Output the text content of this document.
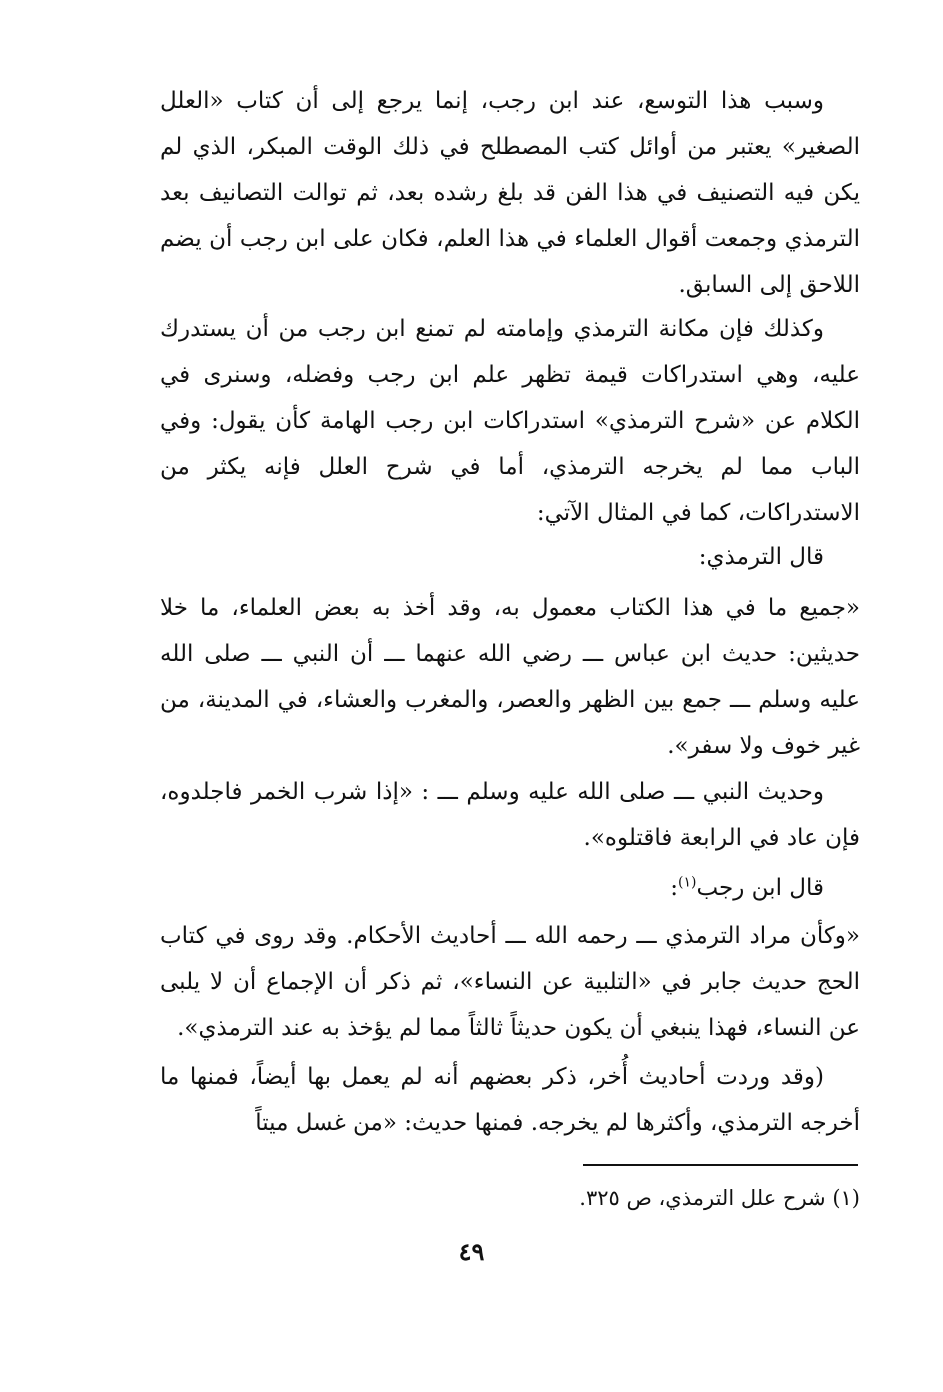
وسبب هذا التوسع، عند ابن رجب، إنما يرجع إلى أن كتاب «العلل الصغير» يعتبر من أوائل كتب المصطلح في ذلك الوقت المبكر، الذي لم يكن فيه التصنيف في هذا الفن قد بلغ رشده بعد، ثم توالت التصانيف بعد الترمذي وجمعت أقوال العلماء في هذا العلم، فكان على ابن رجب أن يضم اللاحق إلى السابق.

وكذلك فإن مكانة الترمذي وإمامته لم تمنع ابن رجب من أن يستدرك عليه، وهي استدراكات قيمة تظهر علم ابن رجب وفضله، وسنرى في الكلام عن «شرح الترمذي» استدراكات ابن رجب الهامة كأن يقول: وفي الباب مما لم يخرجه الترمذي، أما في شرح العلل فإنه يكثر من الاستدراكات، كما في المثال الآتي:

قال الترمذي:

«جميع ما في هذا الكتاب معمول به، وقد أخذ به بعض العلماء، ما خلا حديثين: حديث ابن عباس ـــ رضي الله عنهما ـــ أن النبي ـــ صلى الله عليه وسلم ـــ جمع بين الظهر والعصر، والمغرب والعشاء، في المدينة، من غير خوف ولا سفر».

وحديث النبي ـــ صلى الله عليه وسلم ـــ : «إذا شرب الخمر فاجلدوه، فإن عاد في الرابعة فاقتلوه».

قال ابن رجب$^{(١)}$:

«وكأن مراد الترمذي ـــ رحمه الله ـــ أحاديث الأحكام. وقد روى في كتاب الحج حديث جابر في «التلبية عن النساء»، ثم ذكر أن الإجماع أن لا يلبى عن النساء، فهذا ينبغي أن يكون حديثاً ثالثاً مما لم يؤخذ به عند الترمذي».

(وقد وردت أحاديث أُخر، ذكر بعضهم أنه لم يعمل بها أيضاً، فمنها ما أخرجه الترمذي، وأكثرها لم يخرجه. فمنها حديث: «من غسل ميتاً

(١) شرح علل الترمذي، ص ٣٢٥.
٤٩
